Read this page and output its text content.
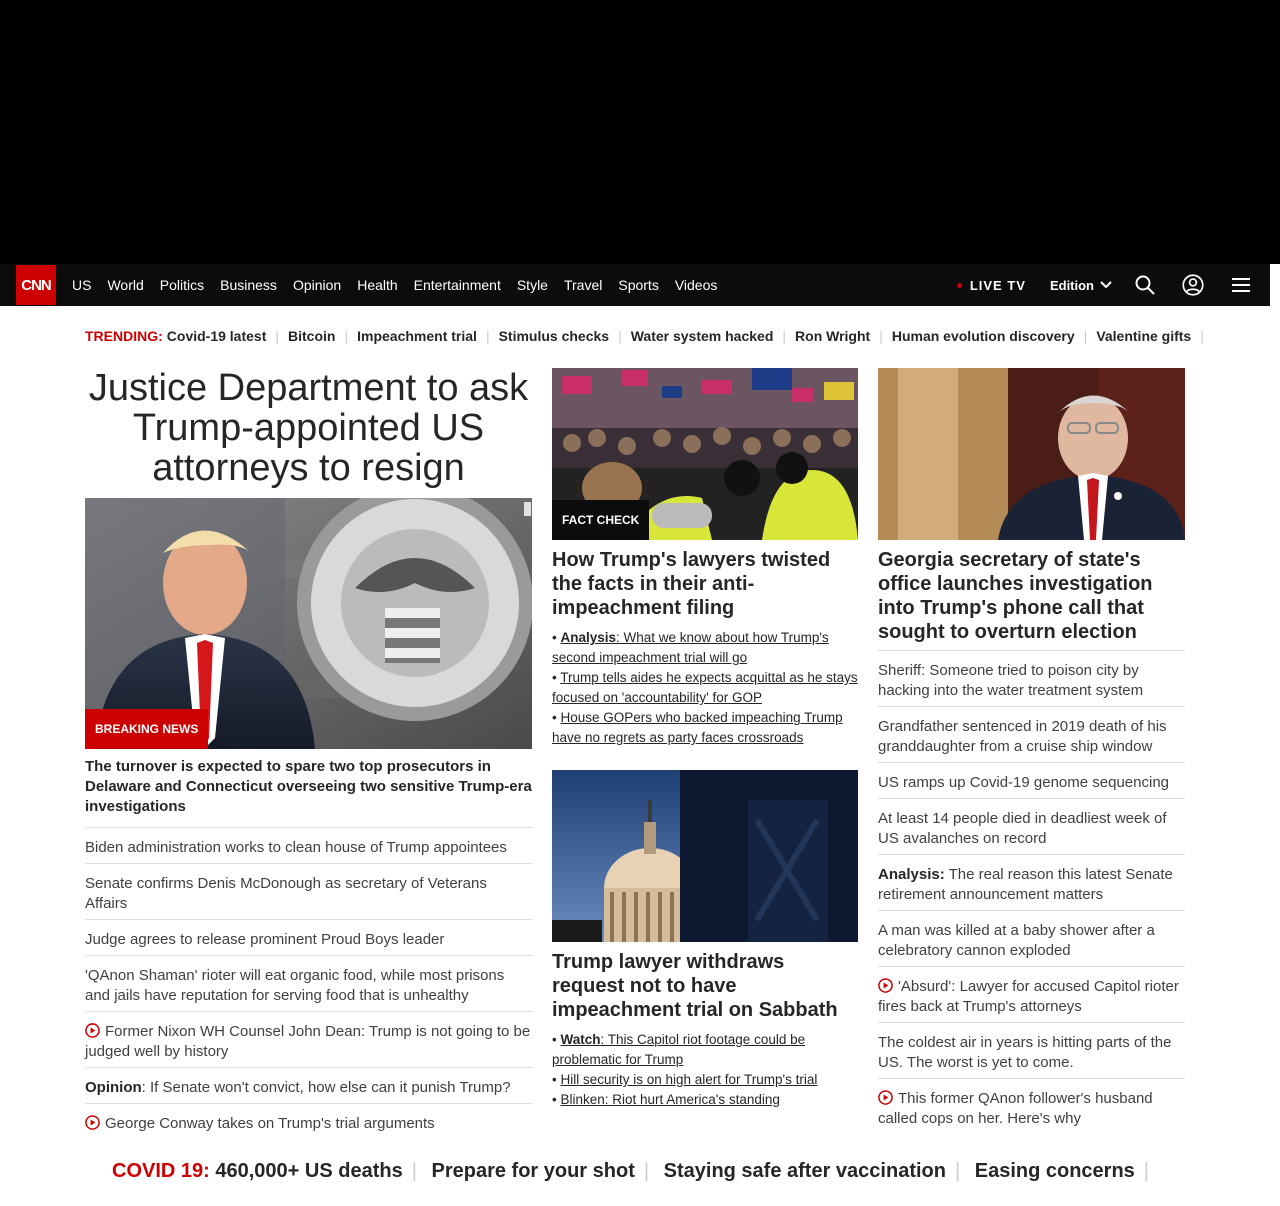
CNN	US	World	Politics	Business	Opinion	Health	Entertainment	Style	Travel	Sports	Videos	LIVE TV Edition
TRENDING: Covid-19 latest | Bitcoin | Impeachment trial | Stimulus checks | Water system hacked | Ron Wright | Human evolution discovery | Valentine gifts |
Justice Department to ask Trump-appointed US attorneys to resign
BREAKING NEWS

The turnover is expected to spare two top prosecutors in Delaware and Connecticut overseeing two sensitive Trump-era investigations

Biden administration works to clean house of Trump appointees
Senate confirms Denis McDonough as secretary of Veterans Affairs
Judge agrees to release prominent Proud Boys leader
'QAnon Shaman' rioter will eat organic food, while most prisons and jails have reputation for serving food that is unhealthy
Former Nixon WH Counsel John Dean: Trump is not going to be judged well by history
Opinion: If Senate won't convict, how else can it punish Trump?
George Conway takes on Trump's trial arguments
FACT CHECK
How Trump's lawyers twisted the facts in their anti-impeachment filing
• Analysis: What we know about how Trump's second impeachment trial will go
• Trump tells aides he expects acquittal as he stays focused on 'accountability' for GOP
• House GOPers who backed impeaching Trump have no regrets as party faces crossroads
Trump lawyer withdraws request not to have impeachment trial on Sabbath
• Watch: This Capitol riot footage could be problematic for Trump
• Hill security is on high alert for Trump's trial
• Blinken: Riot hurt America's standing
Georgia secretary of state's office launches investigation into Trump's phone call that sought to overturn election
Sheriff: Someone tried to poison city by hacking into the water treatment system
Grandfather sentenced in 2019 death of his granddaughter from a cruise ship window
US ramps up Covid-19 genome sequencing
At least 14 people died in deadliest week of US avalanches on record
Analysis: The real reason this latest Senate retirement announcement matters
A man was killed at a baby shower after a celebratory cannon exploded
'Absurd': Lawyer for accused Capitol rioter fires back at Trump's attorneys
The coldest air in years is hitting parts of the US. The worst is yet to come.
This former QAnon follower's husband called cops on her. Here's why
COVID 19: 460,000+ US deaths | Prepare for your shot | Staying safe after vaccination | Easing concerns |
